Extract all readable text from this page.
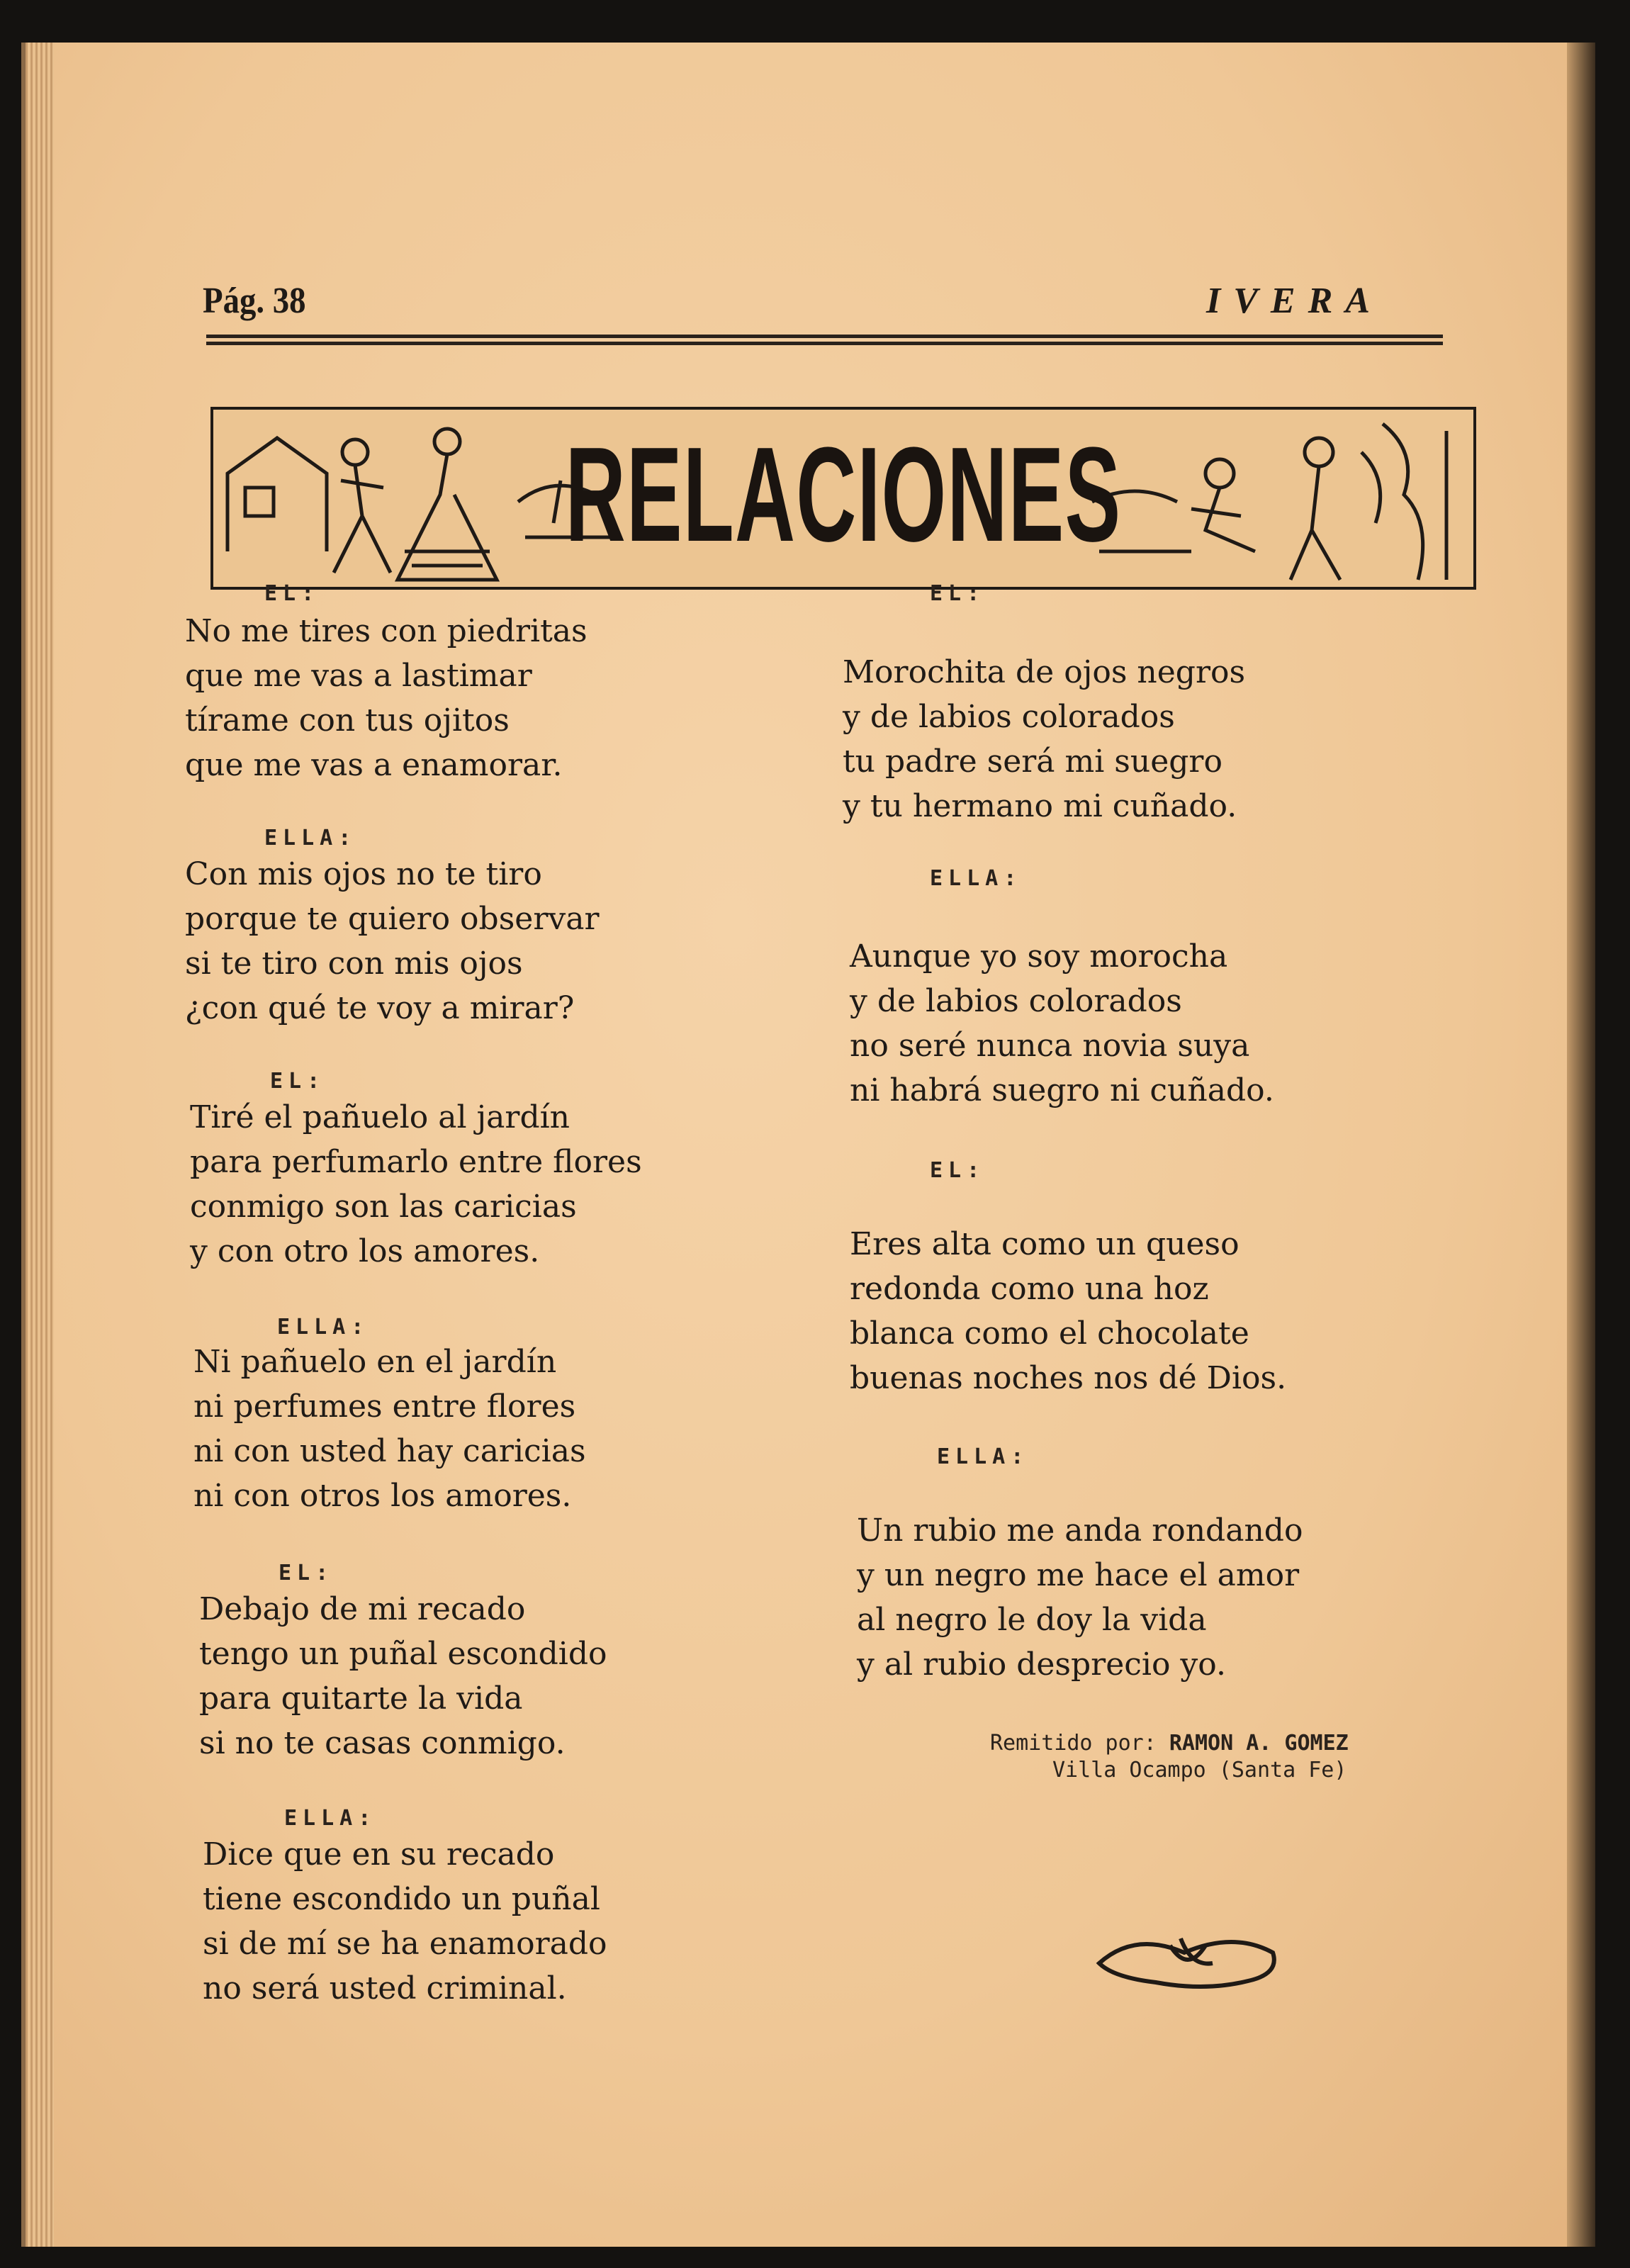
Pág. 38	IVERA
RELACIONES
EL:
No me tires con piedritas
que me vas a lastimar
tírame con tus ojitos
que me vas a enamorar.
ELLA:
Con mis ojos no te tiro
porque te quiero observar
si te tiro con mis ojos
¿con qué te voy a mirar?
EL:
Tiré el pañuelo al jardín
para perfumarlo entre flores
conmigo son las caricias
y con otro los amores.
ELLA:
Ni pañuelo en el jardín
ni perfumes entre flores
ni con usted hay caricias
ni con otros los amores.
EL:
Debajo de mi recado
tengo un puñal escondido
para quitarte la vida
si no te casas conmigo.
ELLA:
Dice que en su recado
tiene escondido un puñal
si de mí se ha enamorado
no será usted criminal.
EL:
Morochita de ojos negros
y de labios colorados
tu padre será mi suegro
y tu hermano mi cuñado.
ELLA:
Aunque yo soy morocha
y de labios colorados
no seré nunca novia suya
ni habrá suegro ni cuñado.
EL:
Eres alta como un queso
redonda como una hoz
blanca como el chocolate
buenas noches nos dé Dios.
ELLA:
Un rubio me anda rondando
y un negro me hace el amor
al negro le doy la vida
y al rubio desprecio yo.
Remitido por: RAMON A. GOMEZ
Villa Ocampo (Santa Fe)
